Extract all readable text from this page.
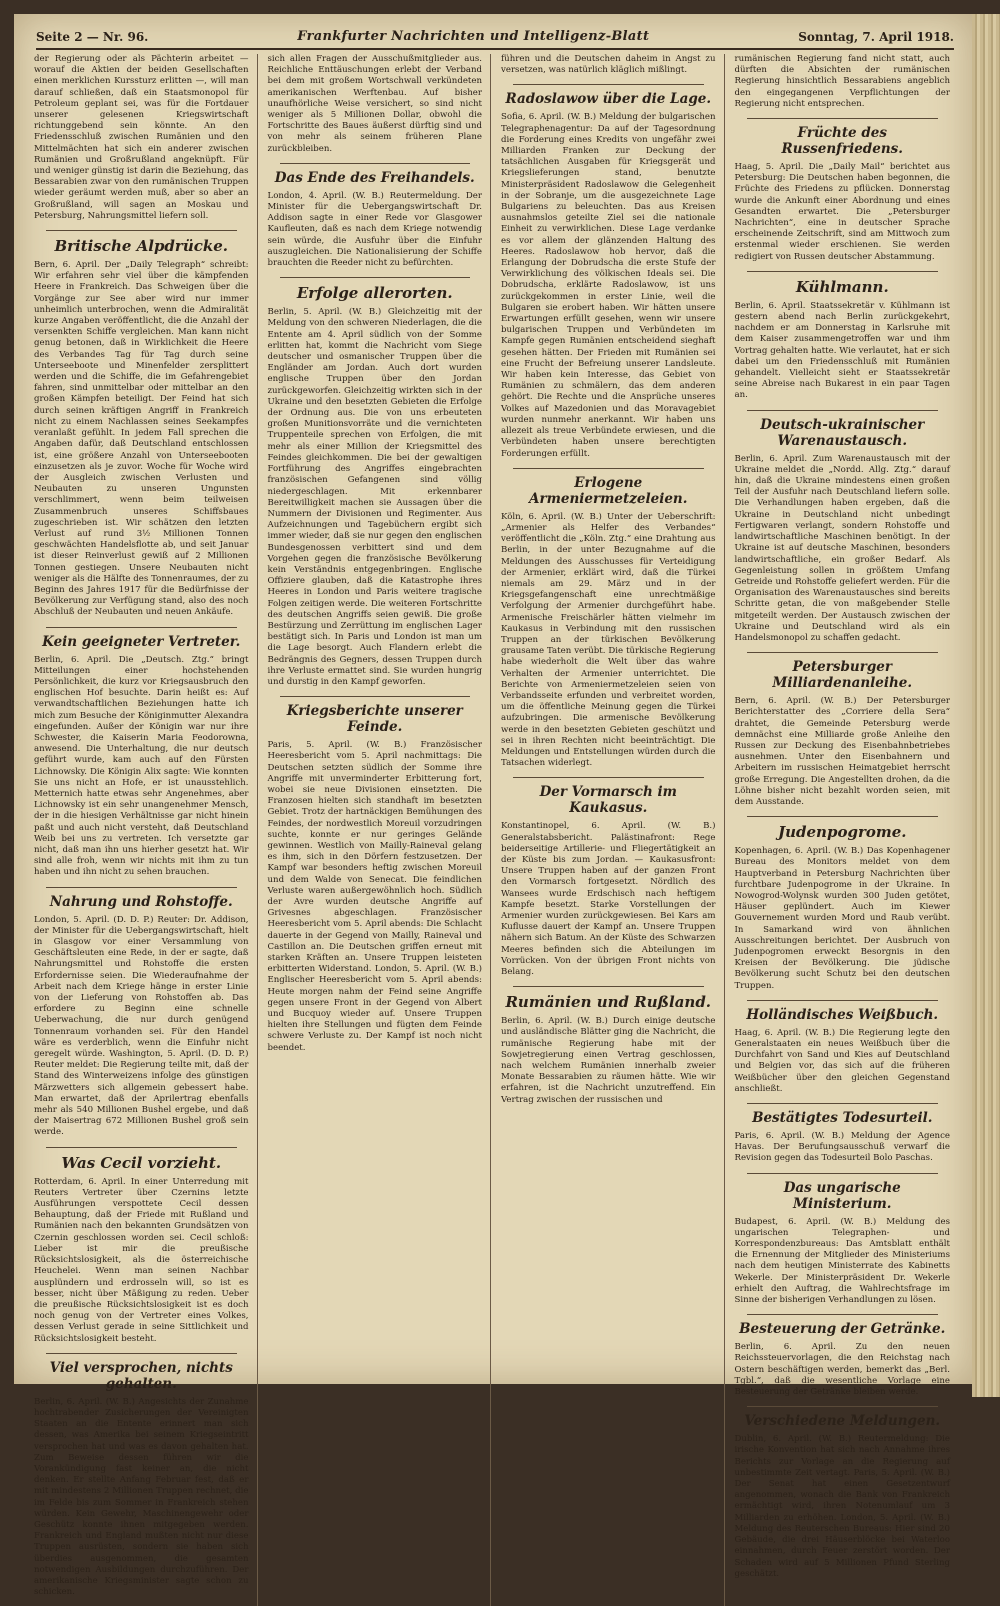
Seite 2 — Nr. 96.	Frankfurter Nachrichten und Intelligenz-Blatt	Sonntag, 7. April 1918.

der Regierung oder als Pächterin arbeitet — worauf die Aktien der beiden Gesellschaften einen merklichen Kurssturz erlitten —, will man darauf schließen, daß ein Staatsmonopol für Petroleum geplant sei, was für die Fortdauer unserer gelesenen Kriegswirtschaft richtunggebend sein könnte. An den Friedensschluß zwischen Rumänien und den Mittelmächten hat sich ein anderer zwischen Rumänien und Großrußland angeknüpft. Für und weniger günstig ist darin die Beziehung, das Bessarabien zwar von den rumänischen Truppen wieder geräumt werden muß, aber so aber an Großrußland, will sagen an Moskau und Petersburg, Nahrungsmittel liefern soll.

Britische Alpdrücke.

Bern, 6. April. Der „Daily Telegraph“ schreibt: Wir erfahren sehr viel über die kämpfenden Heere in Frankreich. Das Schweigen über die Vorgänge zur See aber wird nur immer unheimlich unterbrochen, wenn die Admiralität kurze Angaben veröffentlicht, die die Anzahl der versenkten Schiffe vergleichen. Man kann nicht genug betonen, daß in Wirklichkeit die Heere des Verbandes Tag für Tag durch seine Unterseeboote und Minenfelder zersplittert werden und die Schiffe, die im Gefahrengebiet fahren, sind unmittelbar oder mittelbar an den großen Kämpfen beteiligt. Der Feind hat sich durch seinen kräftigen Angriff in Frankreich nicht zu einem Nachlassen seines Seekampfes veranlaßt gefühlt. In jedem Fall sprechen die Angaben dafür, daß Deutschland entschlossen ist, eine größere Anzahl von Unterseebooten einzusetzen als je zuvor. Woche für Woche wird der Ausgleich zwischen Verlusten und Neubauten zu unseren Ungunsten verschlimmert, wenn beim teilweisen Zusammenbruch unseres Schiffsbaues zugeschrieben ist. Wir schätzen den letzten Verlust auf rund 3½ Millionen Tonnen geschwächten Handelsflotte ab, und seit Januar ist dieser Reinverlust gewiß auf 2 Millionen Tonnen gestiegen. Unsere Neubauten nicht weniger als die Hälfte des Tonnenraumes, der zu Beginn des Jahres 1917 für die Bedürfnisse der Bevölkerung zur Verfügung stand, also des noch Abschluß der Neubauten und neuen Ankäufe.

Kein geeigneter Vertreter.

Berlin, 6. April. Die „Deutsch. Ztg.“ bringt Mitteilungen einer hochstehenden Persönlichkeit, die kurz vor Kriegsausbruch den englischen Hof besuchte. Darin heißt es: Auf verwandtschaftlichen Beziehungen hatte ich mich zum Besuche der Königinmutter Alexandra eingefunden. Außer der Königin war nur ihre Schwester, die Kaiserin Maria Feodorowna, anwesend. Die Unterhaltung, die nur deutsch geführt wurde, kam auch auf den Fürsten Lichnowsky. Die Königin Alix sagte: Wie konnten Sie uns nicht an Hofe, er ist unausstehlich. Metternich hatte etwas sehr Angenehmes, aber Lichnowsky ist ein sehr unangenehmer Mensch, der in die hiesigen Verhältnisse gar nicht hinein paßt und auch nicht versteht, daß Deutschland Weib bei uns zu vertreten. Ich versetzte gar nicht, daß man ihn uns hierher gesetzt hat. Wir sind alle froh, wenn wir nichts mit ihm zu tun haben und ihn nicht zu sehen brauchen.

Nahrung und Rohstoffe.

London, 5. April. (D. D. P.) Reuter: Dr. Addison, der Minister für die Uebergangswirtschaft, hielt in Glasgow vor einer Versammlung von Geschäftsleuten eine Rede, in der er sagte, daß Nahrungsmittel und Rohstoffe die ersten Erfordernisse seien. Die Wiederaufnahme der Arbeit nach dem Kriege hänge in erster Linie von der Lieferung von Rohstoffen ab. Das erfordere zu Beginn eine schnelle Ueberwachung, die nur durch genügend Tonnenraum vorhanden sei. Für den Handel wäre es verderblich, wenn die Einfuhr nicht geregelt würde. Washington, 5. April. (D. D. P.) Reuter meldet: Die Regierung teilte mit, daß der Stand des Winterweizens infolge des günstigen Märzwetters sich allgemein gebessert habe. Man erwartet, daß der Aprilertrag ebenfalls mehr als 540 Millionen Bushel ergebe, und daß der Maisertrag 672 Millionen Bushel groß sein werde.

Was Cecil vorzieht.

Rotterdam, 6. April. In einer Unterredung mit Reuters Vertreter über Czernins letzte Ausführungen verspottete Cecil dessen Behauptung, daß der Friede mit Rußland und Rumänien nach den bekannten Grundsätzen von Czernin geschlossen worden sei. Cecil schloß: Lieber ist mir die preußische Rücksichtslosigkeit, als die österreichische Heuchelei. Wenn man seinen Nachbar ausplündern und erdrosseln will, so ist es besser, nicht über Mäßigung zu reden. Ueber die preußische Rücksichtslosigkeit ist es doch noch genug von der Vertreter eines Volkes, dessen Verlust gerade in seine Sittlichkeit und Rücksichtslosigkeit besteht.

Viel versprochen, nichts gehalten.

Berlin, 6. April. (W. B.) Angesichts der Zunahme hochtrabender Zusicherungen der Vereinigten Staaten an die Entente erinnert man sich dessen, was Amerika bei seinem Kriegseintritt versprochen hat und was es davon gehalten hat. Zum Beweise dessen führen wir die Vorankündigung fast keiner an, die nicht denken. Er stellte Anfang Februar fest, daß er mit mindestens 2 Millionen Truppen rechnet, die im Felde bis zum Sommer in Frankreich stehen würden. Kein Gewehr, Maschinengewehr oder Geschütz konnte ihnen mitgegeben werden. Frankreich und England mußten nicht nur diese Truppen ausrüsten, sondern sie haben sich überdies ausgenommen, die gesamten notwendigen Ausbildungen durchzuführen. Der amerikanische Kriegsminister sagte schon zu schicken.

sich allen Fragen der Ausschußmitglieder aus. Reichliche Enttäuschungen erlebt der Verband bei dem mit großem Wortschwall verkündeten amerikanischen Werftenbau. Auf bisher unaufhörliche Weise versichert, so sind nicht weniger als 5 Millionen Dollar, obwohl die Fortschritte des Baues äußerst dürftig sind und von mehr als seinem früheren Plane zurückbleiben.

Das Ende des Freihandels.

London, 4. April. (W. B.) Reutermeldung. Der Minister für die Uebergangswirtschaft Dr. Addison sagte in einer Rede vor Glasgower Kaufleuten, daß es nach dem Kriege notwendig sein würde, die Ausfuhr über die Einfuhr auszugleichen. Die Nationalisierung der Schiffe brauchten die Reeder nicht zu befürchten.

Erfolge allerorten.

Berlin, 5. April. (W. B.) Gleichzeitig mit der Meldung von den schweren Niederlagen, die die Entente am 4. April südlich von der Somme erlitten hat, kommt die Nachricht vom Siege deutscher und osmanischer Truppen über die Engländer am Jordan. Auch dort wurden englische Truppen über den Jordan zurückgeworfen. Gleichzeitig wirkten sich in der Ukraine und den besetzten Gebieten die Erfolge der Ordnung aus. Die von uns erbeuteten großen Munitionsvorräte und die vernichteten Truppenteile sprechen von Erfolgen, die mit mehr als einer Million der Kriegsmittel des Feindes gleichkommen. Die bei der gewaltigen Fortführung des Angriffes eingebrachten französischen Gefangenen sind völlig niedergeschlagen. Mit erkennbarer Bereitwilligkeit machen sie Aussagen über die Nummern der Divisionen und Regimenter. Aus Aufzeichnungen und Tagebüchern ergibt sich immer wieder, daß sie nur gegen den englischen Bundesgenossen verbittert sind und dem Vorgehen gegen die französische Bevölkerung kein Verständnis entgegenbringen. Englische Offiziere glauben, daß die Katastrophe ihres Heeres in London und Paris weitere tragische Folgen zeitigen werde. Die weiteren Fortschritte des deutschen Angriffs seien gewiß. Die große Bestürzung und Zerrüttung im englischen Lager bestätigt sich. In Paris und London ist man um die Lage besorgt. Auch Flandern erlebt die Bedrängnis des Gegners, dessen Truppen durch ihre Verluste ermattet sind. Sie wurden hungrig und durstig in den Kampf geworfen.

Kriegsberichte unserer Feinde.

Paris, 5. April. (W. B.) Französischer Heeresbericht vom 5. April nachmittags: Die Deutschen setzten südlich der Somme ihre Angriffe mit unverminderter Erbitterung fort, wobei sie neue Divisionen einsetzten. Die Franzosen hielten sich standhaft im besetzten Gebiet. Trotz der hartnäckigen Bemühungen des Feindes, der nordwestlich Moreuil vorzudringen suchte, konnte er nur geringes Gelände gewinnen. Westlich von Mailly-Raineval gelang es ihm, sich in den Dörfern festzusetzen. Der Kampf war besonders heftig zwischen Moreuil und dem Walde von Senecat. Die feindlichen Verluste waren außergewöhnlich hoch. Südlich der Avre wurden deutsche Angriffe auf Grivesnes abgeschlagen. Französischer Heeresbericht vom 5. April abends: Die Schlacht dauerte in der Gegend von Mailly, Raineval und Castillon an. Die Deutschen griffen erneut mit starken Kräften an. Unsere Truppen leisteten erbitterten Widerstand. London, 5. April. (W. B.) Englischer Heeresbericht vom 5. April abends: Heute morgen nahm der Feind seine Angriffe gegen unsere Front in der Gegend von Albert und Bucquoy wieder auf. Unsere Truppen hielten ihre Stellungen und fügten dem Feinde schwere Verluste zu. Der Kampf ist noch nicht beendet.

führen und die Deutschen daheim in Angst zu versetzen, was natürlich kläglich mißlingt.

Radoslawow über die Lage.

Sofia, 6. April. (W. B.) Meldung der bulgarischen Telegraphenagentur: Da auf der Tagesordnung die Forderung eines Kredits von ungefähr zwei Milliarden Franken zur Deckung der tatsächlichen Ausgaben für Kriegsgerät und Kriegslieferungen stand, benutzte Ministerpräsident Radoslawow die Gelegenheit in der Sobranje, um die ausgezeichnete Lage Bulgariens zu beleuchten. Das aus Kreisen ausnahmslos geteilte Ziel sei die nationale Einheit zu verwirklichen. Diese Lage verdanke es vor allem der glänzenden Haltung des Heeres. Radoslawow hob hervor, daß die Erlangung der Dobrudscha die erste Stufe der Verwirklichung des völkischen Ideals sei. Die Dobrudscha, erklärte Radoslawow, ist uns zurückgekommen in erster Linie, weil die Bulgaren sie erobert haben. Wir hätten unsere Erwartungen erfüllt gesehen, wenn wir unsere bulgarischen Truppen und Verbündeten im Kampfe gegen Rumänien entscheidend sieghaft gesehen hätten. Der Frieden mit Rumänien sei eine Frucht der Befreiung unserer Landsleute. Wir haben kein Interesse, das Gebiet von Rumänien zu schmälern, das dem anderen gehört. Die Rechte und die Ansprüche unseres Volkes auf Mazedonien und das Moravagebiet wurden nunmehr anerkannt. Wir haben uns allezeit als treue Verbündete erwiesen, und die Verbündeten haben unsere berechtigten Forderungen erfüllt.

Erlogene Armeniermetzeleien.

Köln, 6. April. (W. B.) Unter der Ueberschrift: „Armenier als Helfer des Verbandes“ veröffentlicht die „Köln. Ztg.“ eine Drahtung aus Berlin, in der unter Bezugnahme auf die Meldungen des Ausschusses für Verteidigung der Armenier, erklärt wird, daß die Türkei niemals am 29. März und in der Kriegsgefangenschaft eine unrechtmäßige Verfolgung der Armenier durchgeführt habe. Armenische Freischärler hätten vielmehr im Kaukasus in Verbindung mit den russischen Truppen an der türkischen Bevölkerung grausame Taten verübt. Die türkische Regierung habe wiederholt die Welt über das wahre Verhalten der Armenier unterrichtet. Die Berichte von Armeniermetzeleien seien von Verbandsseite erfunden und verbreitet worden, um die öffentliche Meinung gegen die Türkei aufzubringen. Die armenische Bevölkerung werde in den besetzten Gebieten geschützt und sei in ihren Rechten nicht beeinträchtigt. Die Meldungen und Entstellungen würden durch die Tatsachen widerlegt.

Der Vormarsch im Kaukasus.

Konstantinopel, 6. April. (W. B.) Generalstabsbericht. Palästinafront: Rege beiderseitige Artillerie- und Fliegertätigkeit an der Küste bis zum Jordan. — Kaukasusfront: Unsere Truppen haben auf der ganzen Front den Vormarsch fortgesetzt. Nördlich des Wansees wurde Erdschisch nach heftigem Kampfe besetzt. Starke Vorstellungen der Armenier wurden zurückgewiesen. Bei Kars am Kuflusse dauert der Kampf an. Unsere Truppen nähern sich Batum. An der Küste des Schwarzen Meeres befinden sich die Abteilungen im Vorrücken. Von der übrigen Front nichts von Belang.

Rumänien und Rußland.

Berlin, 6. April. (W. B.) Durch einige deutsche und ausländische Blätter ging die Nachricht, die rumänische Regierung habe mit der Sowjetregierung einen Vertrag geschlossen, nach welchem Rumänien innerhalb zweier Monate Bessarabien zu räumen hätte. Wie wir erfahren, ist die Nachricht unzutreffend. Ein Vertrag zwischen der russischen und

rumänischen Regierung fand nicht statt, auch dürften die Absichten der rumänischen Regierung hinsichtlich Bessarabiens angeblich den eingegangenen Verpflichtungen der Regierung nicht entsprechen.

Früchte des Russenfriedens.

Haag, 5. April. Die „Daily Mail“ berichtet aus Petersburg: Die Deutschen haben begonnen, die Früchte des Friedens zu pflücken. Donnerstag wurde die Ankunft einer Abordnung und eines Gesandten erwartet. Die „Petersburger Nachrichten“, eine in deutscher Sprache erscheinende Zeitschrift, sind am Mittwoch zum erstenmal wieder erschienen. Sie werden redigiert von Russen deutscher Abstammung.

Kühlmann.

Berlin, 6. April. Staatssekretär v. Kühlmann ist gestern abend nach Berlin zurückgekehrt, nachdem er am Donnerstag in Karlsruhe mit dem Kaiser zusammengetroffen war und ihm Vortrag gehalten hatte. Wie verlautet, hat er sich dabei um den Friedensschluß mit Rumänien gehandelt. Vielleicht sieht er Staatssekretär seine Abreise nach Bukarest in ein paar Tagen an.

Deutsch-ukrainischer Warenaustausch.

Berlin, 6. April. Zum Warenaustausch mit der Ukraine meldet die „Nordd. Allg. Ztg.“ darauf hin, daß die Ukraine mindestens einen großen Teil der Ausfuhr nach Deutschland liefern solle. Die Verhandlungen haben ergeben, daß die Ukraine in Deutschland nicht unbedingt Fertigwaren verlangt, sondern Rohstoffe und landwirtschaftliche Maschinen benötigt. In der Ukraine ist auf deutsche Maschinen, besonders landwirtschaftliche, ein großer Bedarf. Als Gegenleistung sollen in größtem Umfang Getreide und Rohstoffe geliefert werden. Für die Organisation des Warenaustausches sind bereits Schritte getan, die von maßgebender Stelle mitgeteilt werden. Der Austausch zwischen der Ukraine und Deutschland wird als ein Handelsmonopol zu schaffen gedacht.

Petersburger Milliardenanleihe.

Bern, 6. April. (W. B.) Der Petersburger Berichterstatter des „Corriere della Sera“ drahtet, die Gemeinde Petersburg werde demnächst eine Milliarde große Anleihe den Russen zur Deckung des Eisenbahnbetriebes ausnehmen. Unter den Eisenbahnern und Arbeitern im russischen Heimatgebiet herrscht große Erregung. Die Angestellten drohen, da die Löhne bisher nicht bezahlt worden seien, mit dem Ausstande.

Judenpogrome.

Kopenhagen, 6. April. (W. B.) Das Kopenhagener Bureau des Monitors meldet von dem Hauptverband in Petersburg Nachrichten über furchtbare Judenpogrome in der Ukraine. In Nowogrod-Wolynsk wurden 300 Juden getötet, Häuser geplündert. Auch im Kiewer Gouvernement wurden Mord und Raub verübt. In Samarkand wird von ähnlichen Ausschreitungen berichtet. Der Ausbruch von Judenpogromen erweckt Besorgnis in den Kreisen der Bevölkerung. Die jüdische Bevölkerung sucht Schutz bei den deutschen Truppen.

Holländisches Weißbuch.

Haag, 6. April. (W. B.) Die Regierung legte den Generalstaaten ein neues Weißbuch über die Durchfahrt von Sand und Kies auf Deutschland und Belgien vor, das sich auf die früheren Weißbücher über den gleichen Gegenstand anschließt.

Bestätigtes Todesurteil.

Paris, 6. April. (W. B.) Meldung der Agence Havas. Der Berufungsausschuß verwarf die Revision gegen das Todesurteil Bolo Paschas.

Das ungarische Ministerium.

Budapest, 6. April. (W. B.) Meldung des ungarischen Telegraphen- und Korrespondenzbureaus: Das Amtsblatt enthält die Ernennung der Mitglieder des Ministeriums nach dem heutigen Ministerrate des Kabinetts Wekerle. Der Ministerpräsident Dr. Wekerle erhielt den Auftrag, die Wahlrechtsfrage im Sinne der bisherigen Verhandlungen zu lösen.

Besteuerung der Getränke.

Berlin, 6. April. Zu den neuen Reichssteuervorlagen, die den Reichstag nach Ostern beschäftigen werden, bemerkt das „Berl. Tgbl.“, daß die wesentliche Vorlage eine Besteuerung der Getränke bleiben werde.

Verschiedene Meldungen.

Dublin, 6. April. (W. B.) Reutermeldung: Die irische Konvention hat sich nach Annahme ihres Berichts zur Vorlage an die Regierung auf unbestimmte Zeit vertagt. Paris, 5. April. (W. B.) Der Senat hat einen Gesetzentwurf angenommen, wonach die Bank von Frankreich ermächtigt wird, ihren Notenumlauf um 3 Milliarden zu erhöhen. London, 5. April. (W. B.) Meldung des Reuterschen Bureaus: Hier sind 20 Gebäude, die drei Häuserblöcke bei Waterloo einnahmen, durch Feuer zerstört worden. Der Schaden wird auf 5 Millionen Pfund Sterling geschätzt.
